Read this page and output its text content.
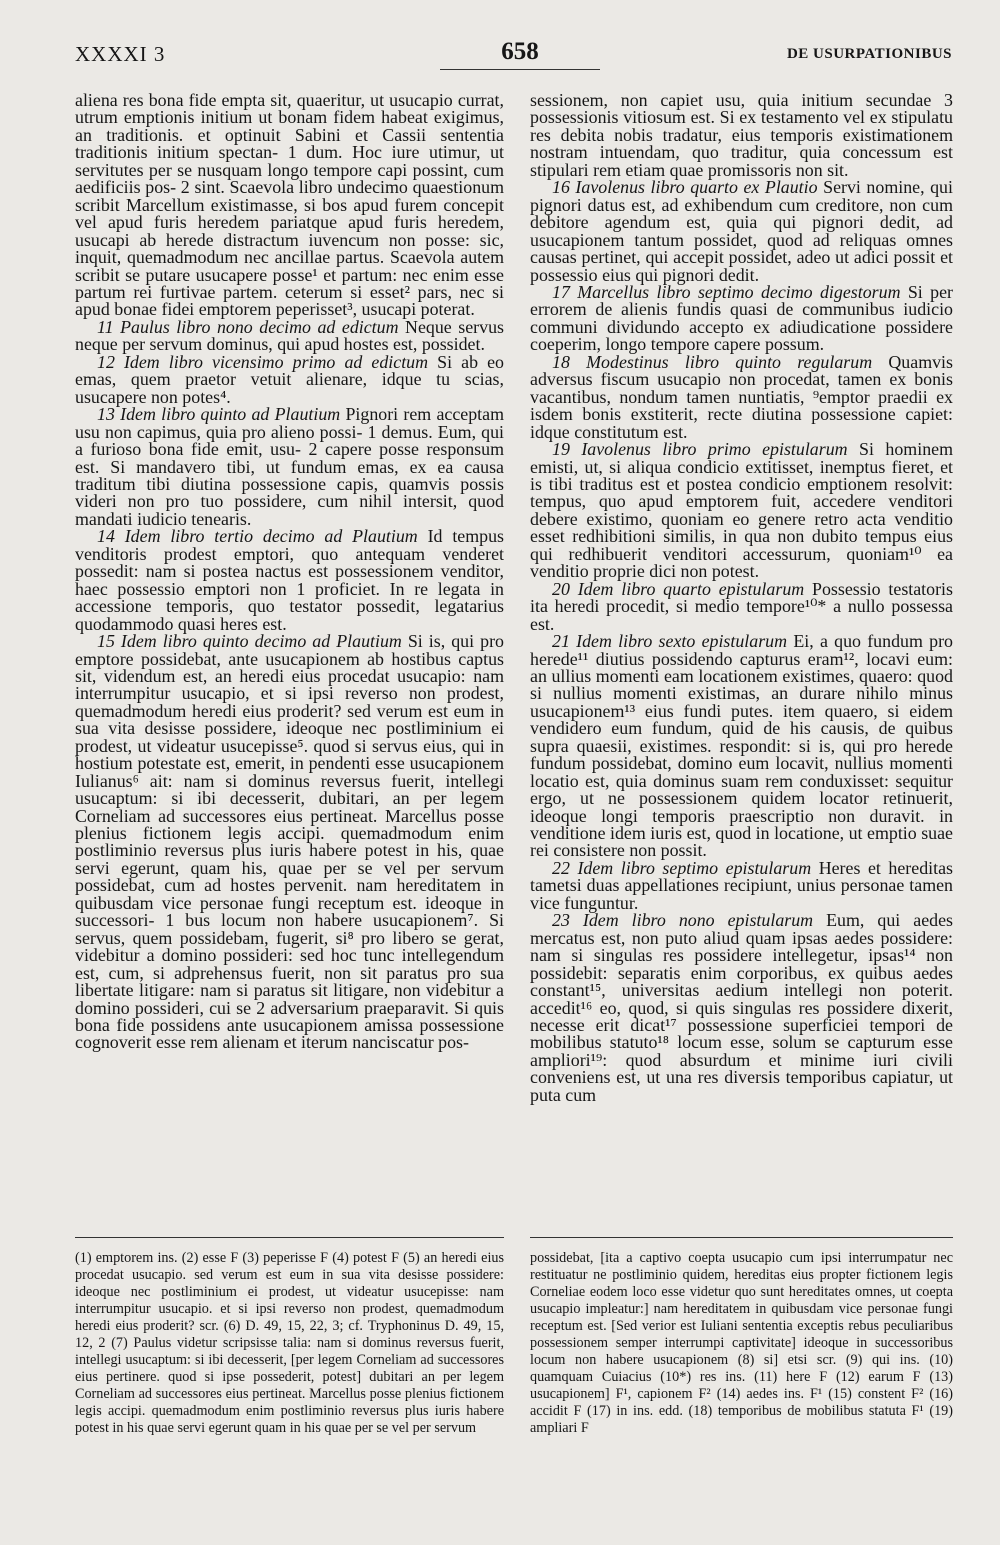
XXXXI 3	658	DE USURPATIONIBUS

aliena res bona fide empta sit, quaeritur, ut usucapio currat, utrum emptionis initium ut bonam fidem habeat exigimus, an traditionis. et optinuit Sabini et Cassii sententia traditionis initium spectan- 1 dum. Hoc iure utimur, ut servitutes per se nusquam longo tempore capi possint, cum aedificiis pos- 2 sint. Scaevola libro undecimo quaestionum scribit Marcellum existimasse, si bos apud furem concepit vel apud furis heredem pariatque apud furis heredem, usucapi ab herede distractum iuvencum non posse: sic, inquit, quemadmodum nec ancillae partus. Scaevola autem scribit se putare usucapere posse¹ et partum: nec enim esse partum rei furtivae partem. ceterum si esset² pars, nec si apud bonae fidei emptorem peperisset³, usucapi poterat.

11 Paulus libro nono decimo ad edictum Neque servus neque per servum dominus, qui apud hostes est, possidet.

12 Idem libro vicensimo primo ad edictum Si ab eo emas, quem praetor vetuit alienare, idque tu scias, usucapere non potes⁴.

13 Idem libro quinto ad Plautium Pignori rem acceptam usu non capimus, quia pro alieno possi- 1 demus. Eum, qui a furioso bona fide emit, usu- 2 capere posse responsum est. Si mandavero tibi, ut fundum emas, ex ea causa traditum tibi diutina possessione capis, quamvis possis videri non pro tuo possidere, cum nihil intersit, quod mandati iudicio tenearis.

14 Idem libro tertio decimo ad Plautium Id tempus venditoris prodest emptori, quo antequam venderet possedit: nam si postea nactus est possessionem venditor, haec possessio emptori non 1 proficiet. In re legata in accessione temporis, quo testator possedit, legatarius quodammodo quasi heres est.

15 Idem libro quinto decimo ad Plautium Si is, qui pro emptore possidebat, ante usucapionem ab hostibus captus sit, videndum est, an heredi eius procedat usucapio: nam interrumpitur usucapio, et si ipsi reverso non prodest, quemadmodum heredi eius proderit? sed verum est eum in sua vita desisse possidere, ideoque nec postliminium ei prodest, ut videatur usucepisse⁵. quod si servus eius, qui in hostium potestate est, emerit, in pendenti esse usucapionem Iulianus⁶ ait: nam si dominus reversus fuerit, intellegi usucaptum: si ibi decesserit, dubitari, an per legem Corneliam ad successores eius pertineat. Marcellus posse plenius fictionem legis accipi. quemadmodum enim postliminio reversus plus iuris habere potest in his, quae servi egerunt, quam his, quae per se vel per servum possidebat, cum ad hostes pervenit. nam hereditatem in quibusdam vice personae fungi receptum est. ideoque in successori- 1 bus locum non habere usucapionem⁷. Si servus, quem possidebam, fugerit, si⁸ pro libero se gerat, videbitur a domino possideri: sed hoc tunc intellegendum est, cum, si adprehensus fuerit, non sit paratus pro sua libertate litigare: nam si paratus sit litigare, non videbitur a domino possideri, cui se 2 adversarium praeparavit. Si quis bona fide possidens ante usucapionem amissa possessione cognoverit esse rem alienam et iterum nanciscatur pos-

sessionem, non capiet usu, quia initium secundae 3 possessionis vitiosum est. Si ex testamento vel ex stipulatu res debita nobis tradatur, eius temporis existimationem nostram intuendam, quo traditur, quia concessum est stipulari rem etiam quae promissoris non sit.

16 Iavolenus libro quarto ex Plautio Servi nomine, qui pignori datus est, ad exhibendum cum creditore, non cum debitore agendum est, quia qui pignori dedit, ad usucapionem tantum possidet, quod ad reliquas omnes causas pertinet, qui accepit possidet, adeo ut adici possit et possessio eius qui pignori dedit.

17 Marcellus libro septimo decimo digestorum Si per errorem de alienis fundis quasi de communibus iudicio communi dividundo accepto ex adiudicatione possidere coeperim, longo tempore capere possum.

18 Modestinus libro quinto regularum Quamvis adversus fiscum usucapio non procedat, tamen ex bonis vacantibus, nondum tamen nuntiatis, ⁹emptor praedii ex isdem bonis exstiterit, recte diutina possessione capiet: idque constitutum est.

19 Iavolenus libro primo epistularum Si hominem emisti, ut, si aliqua condicio extitisset, inemptus fieret, et is tibi traditus est et postea condicio emptionem resolvit: tempus, quo apud emptorem fuit, accedere venditori debere existimo, quoniam eo genere retro acta venditio esset redhibitioni similis, in qua non dubito tempus eius qui redhibuerit venditori accessurum, quoniam¹⁰ ea venditio proprie dici non potest.

20 Idem libro quarto epistularum Possessio testatoris ita heredi procedit, si medio tempore¹⁰* a nullo possessa est.

21 Idem libro sexto epistularum Ei, a quo fundum pro herede¹¹ diutius possidendo capturus eram¹², locavi eum: an ullius momenti eam locationem existimes, quaero: quod si nullius momenti existimas, an durare nihilo minus usucapionem¹³ eius fundi putes. item quaero, si eidem vendidero eum fundum, quid de his causis, de quibus supra quaesii, existimes. respondit: si is, qui pro herede fundum possidebat, domino eum locavit, nullius momenti locatio est, quia dominus suam rem conduxisset: sequitur ergo, ut ne possessionem quidem locator retinuerit, ideoque longi temporis praescriptio non duravit. in venditione idem iuris est, quod in locatione, ut emptio suae rei consistere non possit.

22 Idem libro septimo epistularum Heres et hereditas tametsi duas appellationes recipiunt, unius personae tamen vice funguntur.

23 Idem libro nono epistularum Eum, qui aedes mercatus est, non puto aliud quam ipsas aedes possidere: nam si singulas res possidere intellegetur, ipsas¹⁴ non possidebit: separatis enim corporibus, ex quibus aedes constant¹⁵, universitas aedium intellegi non poterit. accedit¹⁶ eo, quod, si quis singulas res possidere dixerit, necesse erit dicat¹⁷ possessione superficiei tempori de mobilibus statuto¹⁸ locum esse, solum se capturum esse ampliori¹⁹: quod absurdum et minime iuri civili conveniens est, ut una res diversis temporibus capiatur, ut puta cum

(1) emptorem ins. (2) esse F (3) peperisse F (4) potest F (5) an heredi eius procedat usucapio. sed verum est eum in sua vita desisse possidere: ideoque nec postliminium ei prodest, ut videatur usucepisse: nam interrumpitur usucapio. et si ipsi reverso non prodest, quemadmodum heredi eius proderit? scr. (6) D. 49, 15, 22, 3; cf. Tryphoninus D. 49, 15, 12, 2 (7) Paulus videtur scripsisse talia: nam si dominus reversus fuerit, intellegi usucaptum: si ibi decesserit, [per legem Corneliam ad successores eius pertinere. quod si ipse possederit, potest] dubitari an per legem Corneliam ad successores eius pertineat. Marcellus posse plenius fictionem legis accipi. quemadmodum enim postliminio reversus plus iuris habere potest in his quae servi egerunt quam in his quae per se vel per servum

possidebat, [ita a captivo coepta usucapio cum ipsi interrumpatur nec restituatur ne postliminio quidem, hereditas eius propter fictionem legis Corneliae eodem loco esse videtur quo sunt hereditates omnes, ut coepta usucapio impleatur:] nam hereditatem in quibusdam vice personae fungi receptum est. [Sed verior est Iuliani sententia exceptis rebus peculiaribus possessionem semper interrumpi captivitate] ideoque in successoribus locum non habere usucapionem (8) si] etsi scr. (9) qui ins. (10) quamquam Cuiacius (10*) res ins. (11) here F (12) earum F (13) usucapionem] F¹, capionem F² (14) aedes ins. F¹ (15) constent F² (16) accidit F (17) in ins. edd. (18) temporibus de mobilibus statuta F¹ (19) ampliari F
